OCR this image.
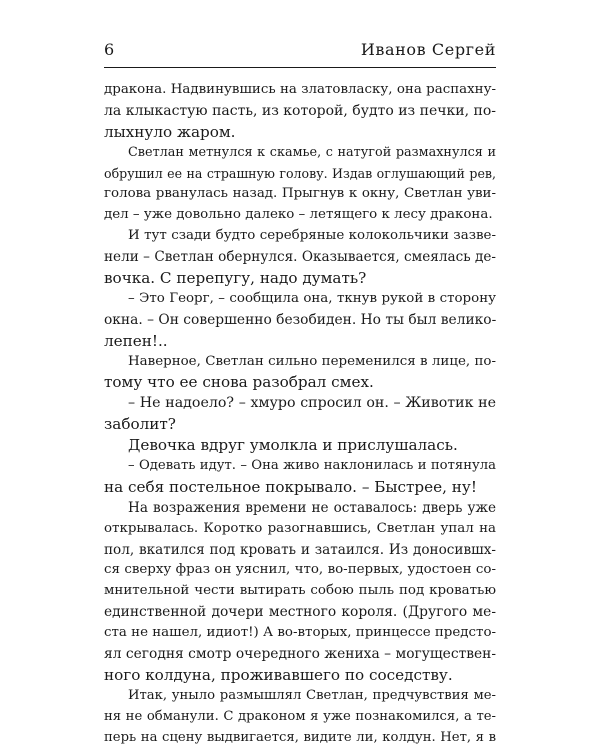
6	Иванов Сергей
дракона. Надвинувшись на златовласку, она распахну-
ла клыкастую пасть, из которой, будто из печки, по-
лыхнуло жаром.
Светлан метнулся к скамье, с натугой размахнулся и
обрушил ее на страшную голову. Издав оглушающий рев,
голова рванулась назад. Прыгнув к окну, Светлан уви-
дел – уже довольно далеко – летящего к лесу дракона.
И тут сзади будто серебряные колокольчики зазве-
нели – Светлан обернулся. Оказывается, смеялась де-
вочка. С перепугу, надо думать?
– Это Георг, – сообщила она, ткнув рукой в сторону
окна. – Он совершенно безобиден. Но ты был велико-
лепен!..
Наверное, Светлан сильно переменился в лице, по-
тому что ее снова разобрал смех.
– Не надоело? – хмуро спросил он. – Животик не
заболит?
Девочка вдруг умолкла и прислушалась.
– Одевать идут. – Она живо наклонилась и потянула
на себя постельное покрывало. – Быстрее, ну!
На возражения времени не оставалось: дверь уже
открывалась. Коротко разогнавшись, Светлан упал на
пол, вкатился под кровать и затаился. Из доносившх-
ся сверху фраз он уяснил, что, во-первых, удостоен со-
мнительной чести вытирать собою пыль под кроватью
единственной дочери местного короля. (Другого ме-
ста не нашел, идиот!) А во-вторых, принцессе предсто-
ял сегодня смотр очередного жениха – могуществен-
ного колдуна, проживавшего по соседству.
Итак, уныло размышлял Светлан, предчувствия ме-
ня не обманули. С драконом я уже познакомился, а те-
перь на сцену выдвигается, видите ли, колдун. Нет, я в
